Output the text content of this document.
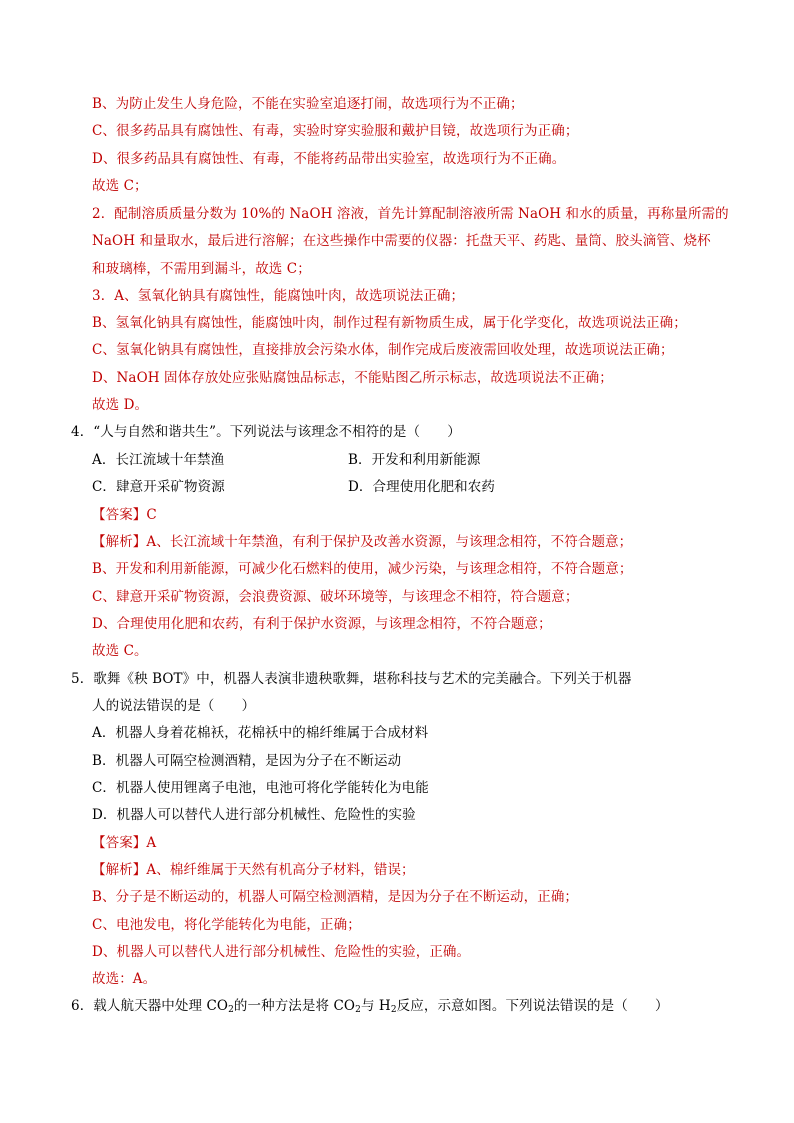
B、为防止发生人身危险，不能在实验室追逐打闹，故选项行为不正确；
C、很多药品具有腐蚀性、有毒，实验时穿实验服和戴护目镜，故选项行为正确；
D、很多药品具有腐蚀性、有毒，不能将药品带出实验室，故选项行为不正确。
故选 C；
2．配制溶质质量分数为 10%的 NaOH 溶液，首先计算配制溶液所需 NaOH 和水的质量，再称量所需的
NaOH 和量取水，最后进行溶解；在这些操作中需要的仪器：托盘天平、药匙、量筒、胶头滴管、烧杯
和玻璃棒，不需用到漏斗，故选 C；
3．A、氢氧化钠具有腐蚀性，能腐蚀叶肉，故选项说法正确；
B、氢氧化钠具有腐蚀性，能腐蚀叶肉，制作过程有新物质生成，属于化学变化，故选项说法正确；
C、氢氧化钠具有腐蚀性，直接排放会污染水体，制作完成后废液需回收处理，故选项说法正确；
D、NaOH 固体存放处应张贴腐蚀品标志，不能贴图乙所示标志，故选项说法不正确；
故选 D。
4．“人与自然和谐共生”。下列说法与该理念不相符的是（　　）
A．长江流域十年禁渔	B．开发和利用新能源
C．肆意开采矿物资源	D．合理使用化肥和农药
【答案】C
【解析】A、长江流域十年禁渔，有利于保护及改善水资源，与该理念相符，不符合题意；
B、开发和利用新能源，可减少化石燃料的使用，减少污染，与该理念相符，不符合题意；
C、肆意开采矿物资源，会浪费资源、破坏环境等，与该理念不相符，符合题意；
D、合理使用化肥和农药，有利于保护水资源，与该理念相符，不符合题意；
故选 C。
5．歌舞《秧 BOT》中，机器人表演非遗秧歌舞，堪称科技与艺术的完美融合。下列关于机器
人的说法错误的是（　　）
A．机器人身着花棉袄，花棉袄中的棉纤维属于合成材料
B．机器人可隔空检测酒精，是因为分子在不断运动
C．机器人使用锂离子电池，电池可将化学能转化为电能
D．机器人可以替代人进行部分机械性、危险性的实验
【答案】A
【解析】A、棉纤维属于天然有机高分子材料，错误；
B、分子是不断运动的，机器人可隔空检测酒精，是因为分子在不断运动，正确；
C、电池发电，将化学能转化为电能，正确；
D、机器人可以替代人进行部分机械性、危险性的实验，正确。
故选：A。
6．载人航天器中处理 $CO_2$的一种方法是将 $CO_2$与 $H_2$反应，示意如图。下列说法错误的是（　　）
